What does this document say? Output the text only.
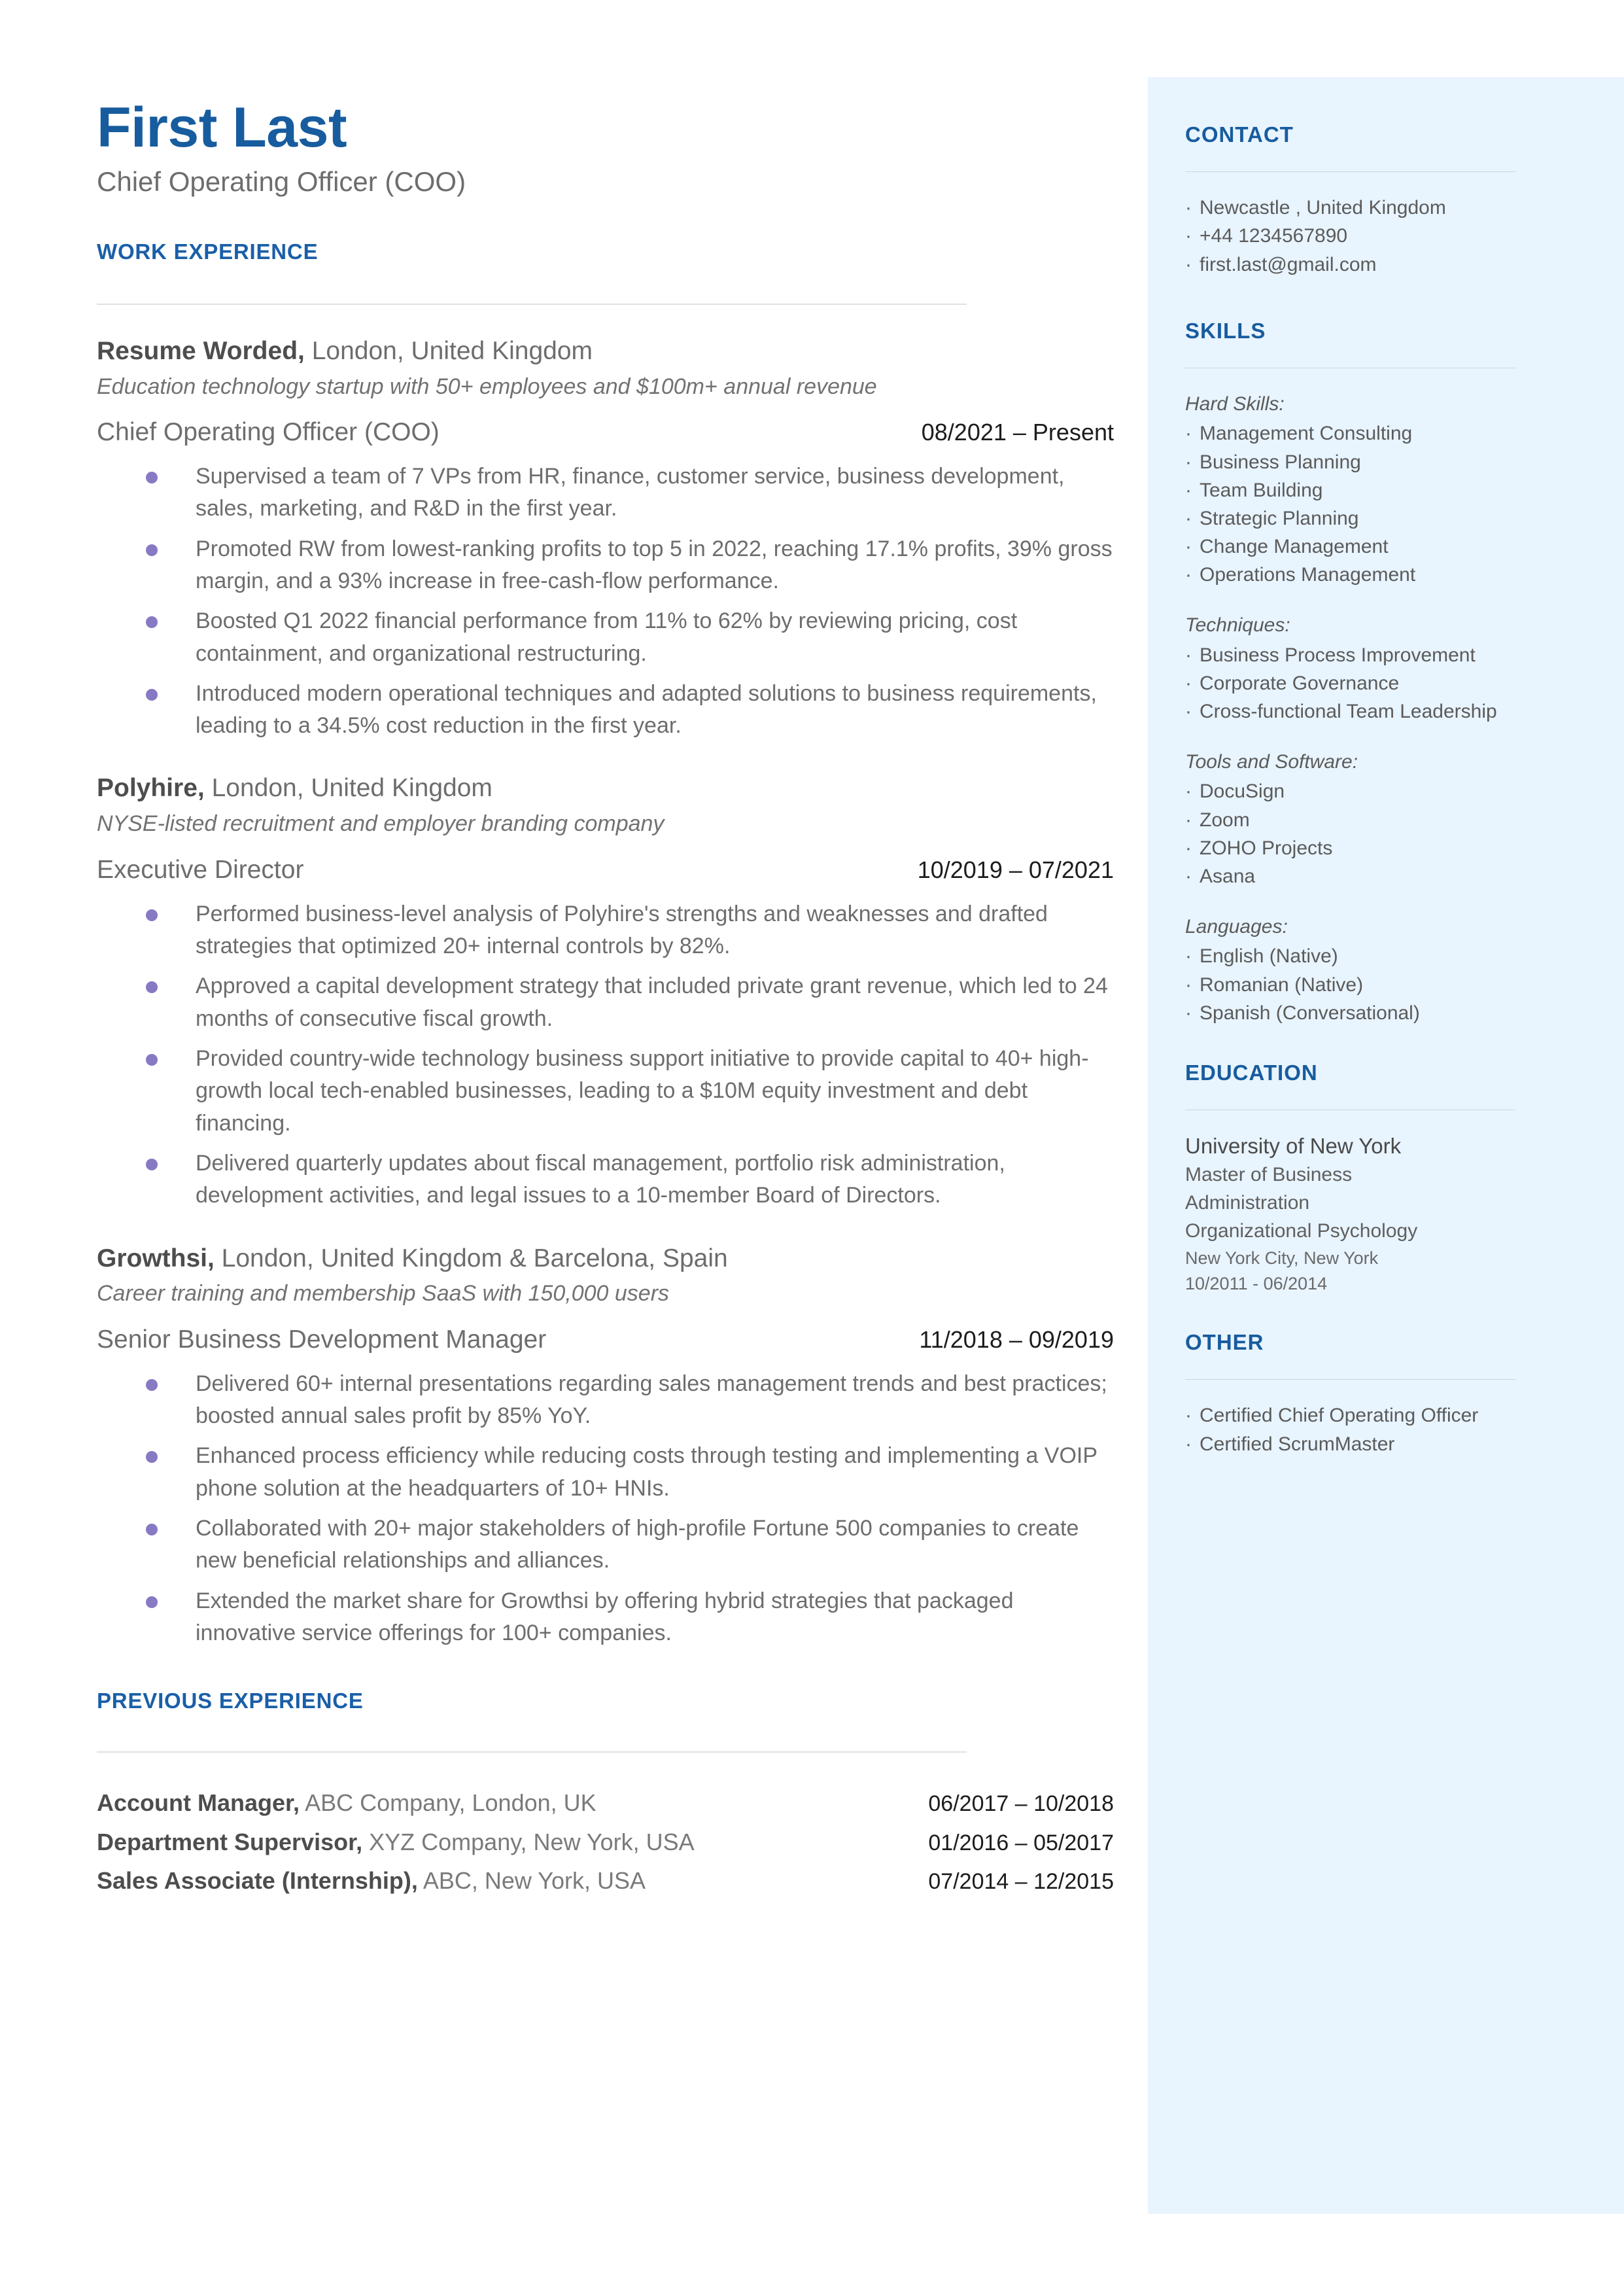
CONTACT
· Newcastle , United Kingdom
· +44 1234567890
· first.last@gmail.com
SKILLS
Hard Skills:
· Management Consulting
· Business Planning
· Team Building
· Strategic Planning
· Change Management
· Operations Management
Techniques:
· Business Process Improvement
· Corporate Governance
· Cross-functional Team Leadership
Tools and Software:
· DocuSign
· Zoom
· ZOHO Projects
· Asana
Languages:
· English (Native)
· Romanian (Native)
· Spanish (Conversational)
EDUCATION
University of New York
Master of Business
Administration
Organizational Psychology
New York City, New York
10/2011 - 06/2014
OTHER
· Certified Chief Operating Officer
· Certified ScrumMaster
First Last
Chief Operating Officer (COO)
WORK EXPERIENCE
Resume Worded, London, United Kingdom
Education technology startup with 50+ employees and $100m+ annual revenue
Chief Operating Officer (COO)	08/2021 – Present
Supervised a team of 7 VPs from HR, finance, customer service, business development, sales, marketing, and R&D in the first year.
Promoted RW from lowest-ranking profits to top 5 in 2022, reaching 17.1% profits, 39% gross margin, and a 93% increase in free-cash-flow performance.
Boosted Q1 2022 financial performance from 11% to 62% by reviewing pricing, cost containment, and organizational restructuring.
Introduced modern operational techniques and adapted solutions to business requirements, leading to a 34.5% cost reduction in the first year.
Polyhire, London, United Kingdom
NYSE-listed recruitment and employer branding company
Executive Director	10/2019 – 07/2021
Performed business-level analysis of Polyhire's strengths and weaknesses and drafted strategies that optimized 20+ internal controls by 82%.
Approved a capital development strategy that included private grant revenue, which led to 24 months of consecutive fiscal growth.
Provided country-wide technology business support initiative to provide capital to 40+ high-growth local tech-enabled businesses, leading to a $10M equity investment and debt financing.
Delivered quarterly updates about fiscal management, portfolio risk administration, development activities, and legal issues to a 10-member Board of Directors.
Growthsi, London, United Kingdom & Barcelona, Spain
Career training and membership SaaS with 150,000 users
Senior Business Development Manager	11/2018 – 09/2019
Delivered 60+ internal presentations regarding sales management trends and best practices; boosted annual sales profit by 85% YoY.
Enhanced process efficiency while reducing costs through testing and implementing a VOIP phone solution at the headquarters of 10+ HNIs.
Collaborated with 20+ major stakeholders of high-profile Fortune 500 companies to create new beneficial relationships and alliances.
Extended the market share for Growthsi by offering hybrid strategies that packaged innovative service offerings for 100+ companies.
PREVIOUS EXPERIENCE
Account Manager, ABC Company, London, UK	06/2017 – 10/2018
Department Supervisor, XYZ Company, New York, USA	01/2016 – 05/2017
Sales Associate (Internship), ABC, New York, USA	07/2014 – 12/2015
